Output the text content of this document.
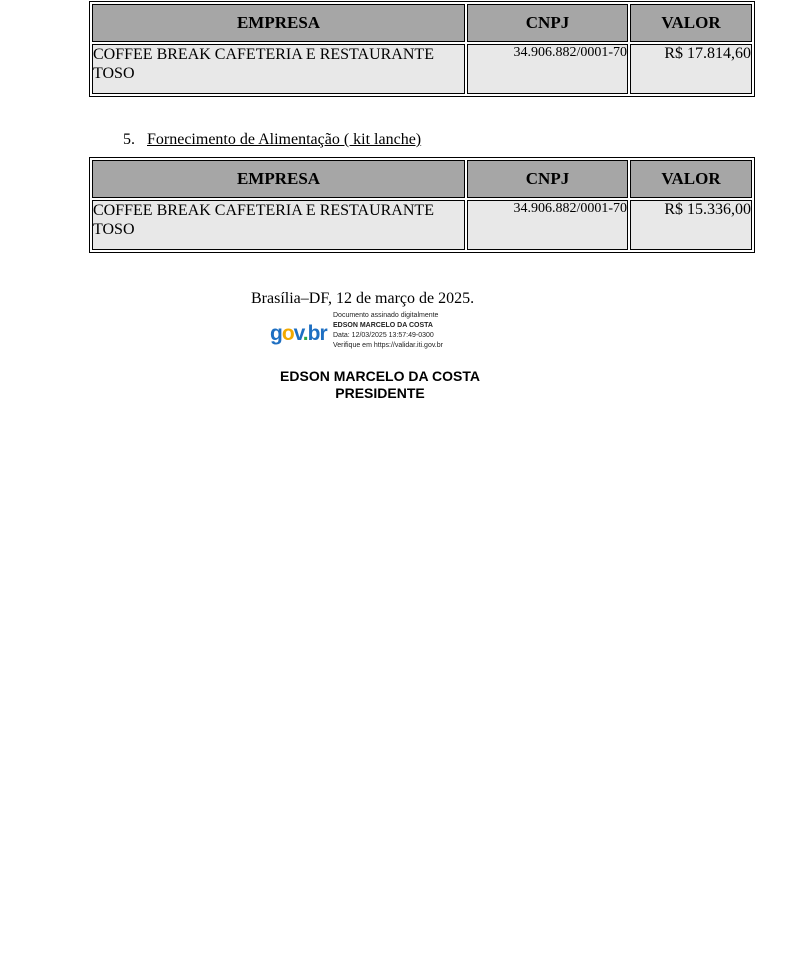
EMPRESA	CNPJ	VALOR
COFFEE BREAK CAFETERIA E RESTAURANTE TOSO	34.906.882/0001-70	R$ 17.814,60
5. Fornecimento de Alimentação ( kit lanche)
EMPRESA	CNPJ	VALOR
COFFEE BREAK CAFETERIA E RESTAURANTE TOSO	34.906.882/0001-70	R$ 15.336,00
Brasília–DF, 12 de março de 2025.
gov.br
Documento assinado digitalmente
EDSON MARCELO DA COSTA
Data: 12/03/2025 13:57:49-0300
Verifique em https://validar.iti.gov.br
EDSON MARCELO DA COSTA
PRESIDENTE
